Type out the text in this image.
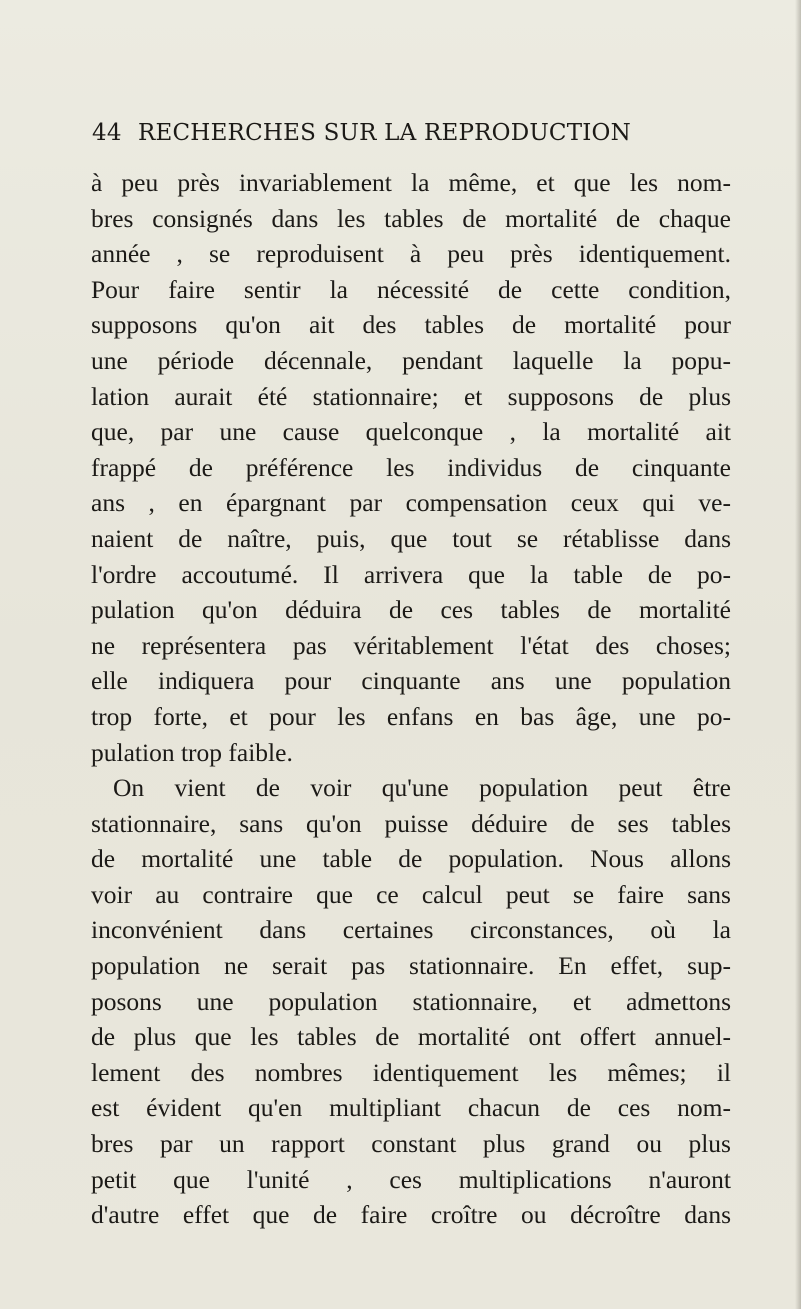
44 RECHERCHES SUR LA REPRODUCTION
à peu près invariablement la même, et que les nom-
bres consignés dans les tables de mortalité de chaque
année , se reproduisent à peu près identiquement.
Pour faire sentir la nécessité de cette condition,
supposons qu'on ait des tables de mortalité pour
une période décennale, pendant laquelle la popu-
lation aurait été stationnaire; et supposons de plus
que, par une cause quelconque , la mortalité ait
frappé de préférence les individus de cinquante
ans , en épargnant par compensation ceux qui ve-
naient de naître, puis, que tout se rétablisse dans
l'ordre accoutumé. Il arrivera que la table de po-
pulation qu'on déduira de ces tables de mortalité
ne représentera pas véritablement l'état des choses;
elle indiquera pour cinquante ans une population
trop forte, et pour les enfans en bas âge, une po-
pulation trop faible.
On vient de voir qu'une population peut être
stationnaire, sans qu'on puisse déduire de ses tables
de mortalité une table de population. Nous allons
voir au contraire que ce calcul peut se faire sans
inconvénient dans certaines circonstances, où la
population ne serait pas stationnaire. En effet, sup-
posons une population stationnaire, et admettons
de plus que les tables de mortalité ont offert annuel-
lement des nombres identiquement les mêmes; il
est évident qu'en multipliant chacun de ces nom-
bres par un rapport constant plus grand ou plus
petit que l'unité , ces multiplications n'auront
d'autre effet que de faire croître ou décroître dans
